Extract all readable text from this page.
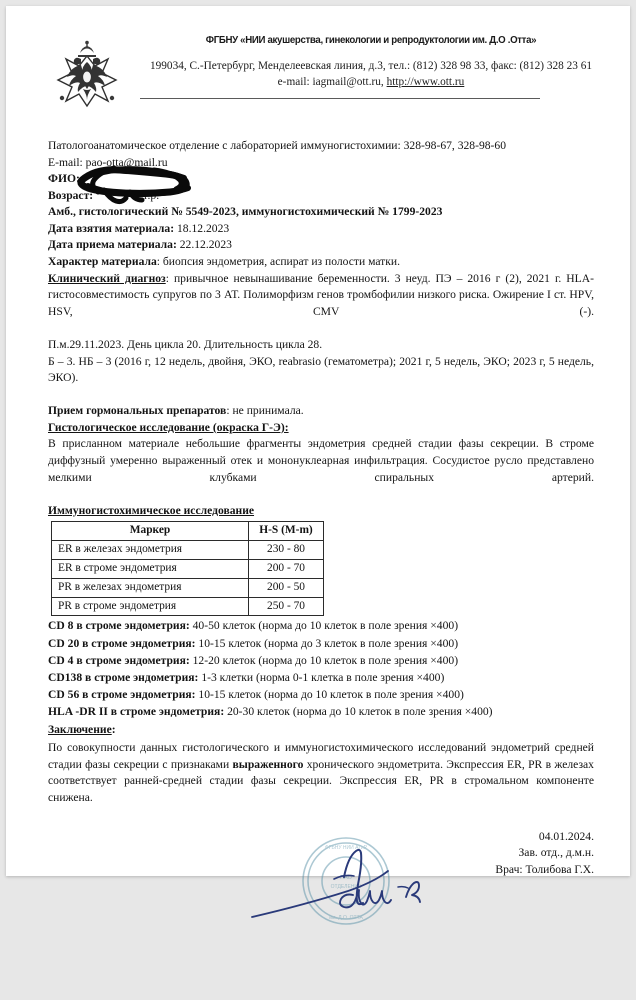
ФГБНУ «НИИ акушерства, гинекологии и репродуктологии им. Д.О .Отта»
199034, С.-Петербург, Менделеевская линия, д.3, тел.: (812) 328 98 33, факс: (812) 328 23 61
e-mail: iagmail@ott.ru, http://www.ott.ru
Патологоанатомическое отделение с лабораторией иммуногистохимии: 328-98-67, 328-98-60
E-mail: pao-otta@mail.ru
ФИО:
Возраст:	г.р.
Амб., гистологический № 5549-2023, иммуногистохимический № 1799-2023
Дата взятия материала: 18.12.2023
Дата приема материала: 22.12.2023
Характер материала: биопсия эндометрия, аспират из полости матки.
Клинический диагноз: привычное невынашивание беременности. 3 неуд. ПЭ – 2016 г (2), 2021 г. HLA-гистосовместимость супругов по 3 АТ. Полиморфизм генов тромбофилии низкого риска. Ожирение I ст. HPV, HSV, CMV (-).
П.м.29.11.2023. День цикла 20. Длительность цикла 28.
Б – 3. НБ – 3 (2016 г, 12 недель, двойня, ЭКО, reabrasio (гематометра); 2021 г, 5 недель, ЭКО; 2023 г, 5 недель, ЭКО).
Прием гормональных препаратов: не принимала.
Гистологическое исследование (окраска Г-Э):
В присланном материале небольшие фрагменты эндометрия средней стадии фазы секреции. В строме диффузный умеренно выраженный отек и мононуклеарная инфильтрация. Сосудистое русло представлено мелкими клубками спиральных артерий.
Иммуногистохимическое исследование
Маркер	H-S (M-m)
ER в железах эндометрия	230 - 80
ER в строме эндометрия	200 - 70
PR в железах эндометрия	200 - 50
PR в строме эндометрия	250 - 70
CD 8 в строме эндометрия: 40-50 клеток (норма до 10 клеток в поле зрения ×400)
CD 20 в строме эндометрия: 10-15 клеток (норма до 3 клеток в поле зрения ×400)
CD 4 в строме эндометрия: 12-20 клеток (норма до 10 клеток в поле зрения ×400)
CD138 в строме эндометрия: 1-3 клетки (норма 0-1 клетка в поле зрения ×400)
CD 56 в строме эндометрия: 10-15 клеток (норма до 10 клеток в поле зрения ×400)
HLA -DR II в строме эндометрия: 20-30 клеток (норма до 10 клеток в поле зрения ×400)
Заключение:
По совокупности данных гистологического и иммуногистохимического исследований эндометрий средней стадии фазы секреции с признаками выраженного хронического эндометрита. Экспрессия ER, PR в железах соответствует ранней-средней стадии фазы секреции. Экспрессия ER, PR в стромальном компоненте снижена.
ФГБНУ НИИ АГиР
им. Д.О. ОТТА
ПАО
ОТДЕЛЕНИЕ
04.01.2024.
Зав. отд., д.м.н.
Врач: Толибова Г.Х.
